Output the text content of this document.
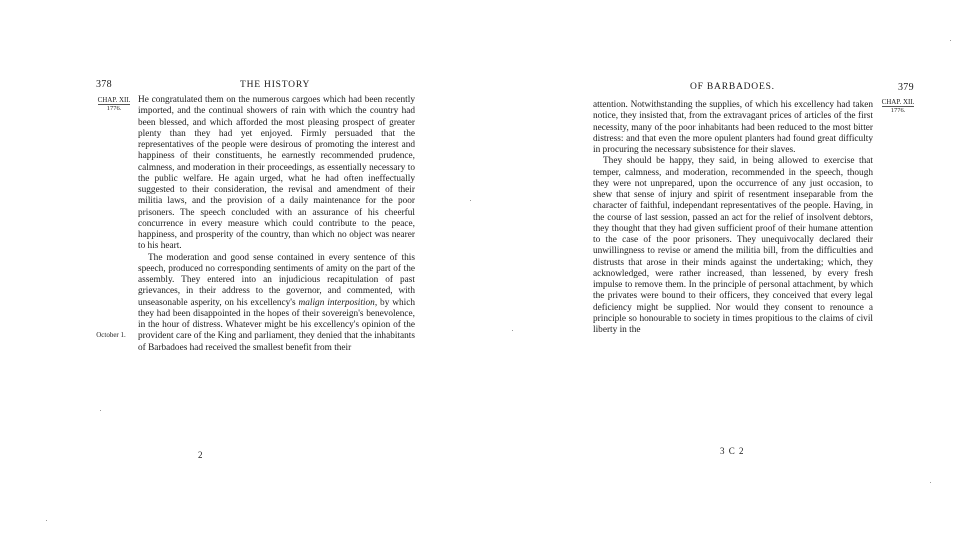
378	THE HISTORY
CHAP. XII.
1776.
October 1.

He congratulated them on the numerous cargoes which had been recently imported, and the continual showers of rain with which the country had been blessed, and which afforded the most pleasing prospect of greater plenty than they had yet enjoyed. Firmly persuaded that the representatives of the people were desirous of promoting the interest and happiness of their constituents, he earnestly recommended prudence, calmness, and moderation in their proceedings, as essentially necessary to the public welfare. He again urged, what he had often ineffectually suggested to their consideration, the revisal and amendment of their militia laws, and the provision of a daily maintenance for the poor prisoners. The speech concluded with an assurance of his cheerful concurrence in every measure which could contribute to the peace, happiness, and prosperity of the country, than which no object was nearer to his heart.

The moderation and good sense contained in every sentence of this speech, produced no corresponding sentiments of amity on the part of the assembly. They entered into an injudicious recapitulation of past grievances, in their address to the governor, and commented, with unseasonable asperity, on his excellency's malign interposition, by which they had been disappointed in the hopes of their sovereign's benevolence, in the hour of distress. Whatever might be his excellency's opinion of the provident care of the King and parliament, they denied that the inhabitants of Barbadoes had received the smallest benefit from their

2
OF BARBADOES.	379
CHAP. XII.
1776.

attention. Notwithstanding the supplies, of which his excellency had taken notice, they insisted that, from the extravagant prices of articles of the first necessity, many of the poor inhabitants had been reduced to the most bitter distress: and that even the more opulent planters had found great difficulty in procuring the necessary subsistence for their slaves.

They should be happy, they said, in being allowed to exercise that temper, calmness, and moderation, recommended in the speech, though they were not unprepared, upon the occurrence of any just occasion, to shew that sense of injury and spirit of resentment inseparable from the character of faithful, independant representatives of the people. Having, in the course of last session, passed an act for the relief of insolvent debtors, they thought that they had given sufficient proof of their humane attention to the case of the poor prisoners. They unequivocally declared their unwillingness to revise or amend the militia bill, from the difficulties and distrusts that arose in their minds against the undertaking; which, they acknowledged, were rather increased, than lessened, by every fresh impulse to remove them. In the principle of personal attachment, by which the privates were bound to their officers, they conceived that every legal deficiency might be supplied. Nor would they consent to renounce a principle so honourable to society in times propitious to the claims of civil liberty in the

3 C 2
